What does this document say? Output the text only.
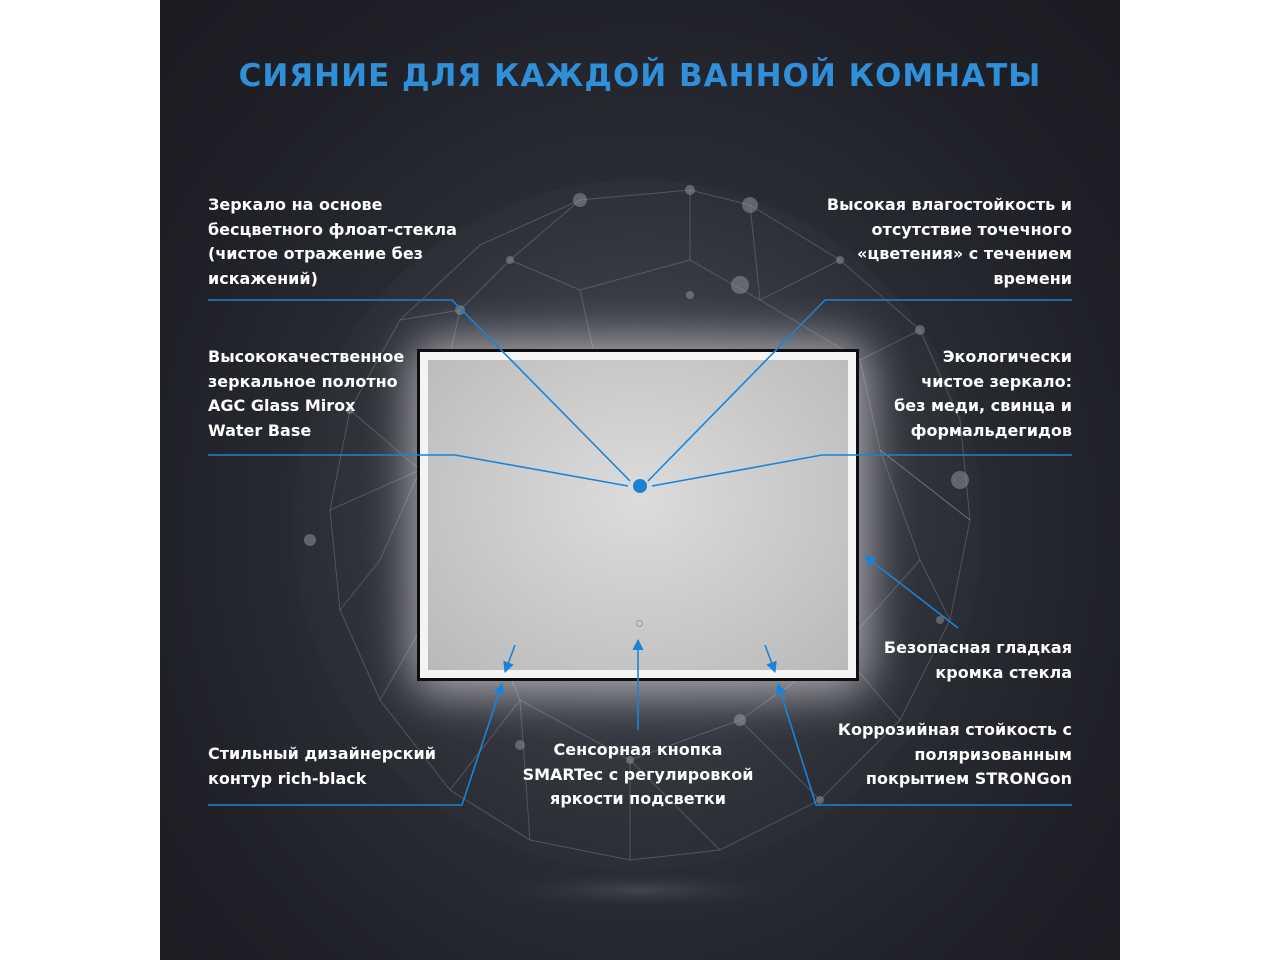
СИЯНИЕ ДЛЯ КАЖДОЙ ВАННОЙ КОМНАТЫ
Зеркало на основе
бесцветного флоат-стекла
(чистое отражение без
искажений)
Высокая влагостойкость и
отсутствие точечного
«цветения» с течением
времени
Высококачественное
зеркальное полотно
AGC Glass Mirox
Water Base
Экологически
чистое зеркало:
без меди, свинца и
формальдегидов
Безопасная гладкая
кромка стекла
Стильный дизайнерский
контур rich-black
Сенсорная кнопка
SMARTec с регулировкой
яркости подсветки
Коррозийная стойкость с
поляризованным
покрытием STRONGon
